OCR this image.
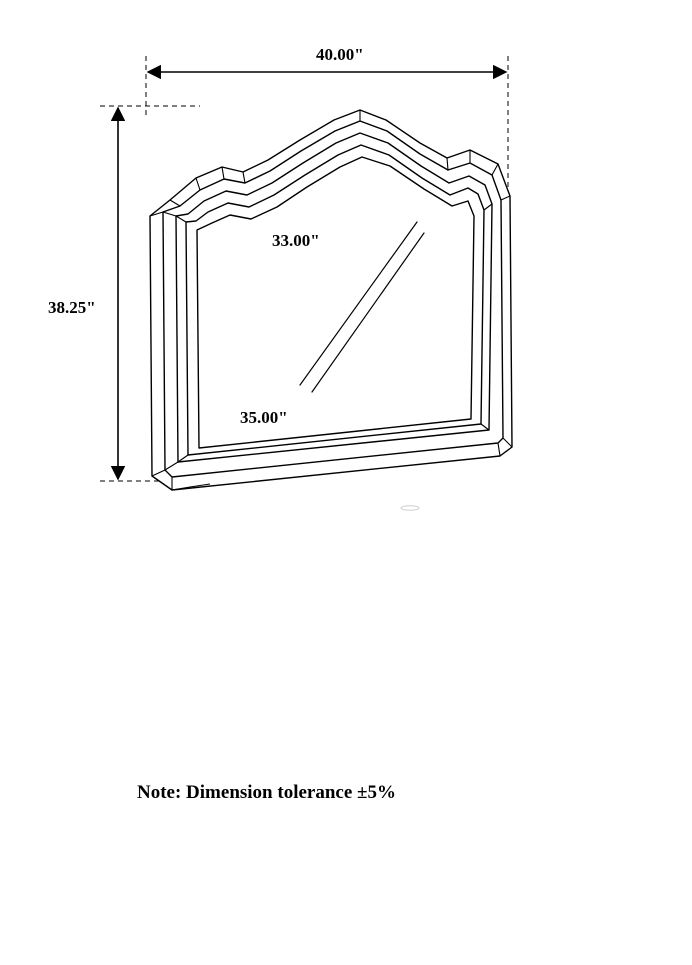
40.00"
38.25"
33.00"
35.00"
Note: Dimension tolerance ±5%
